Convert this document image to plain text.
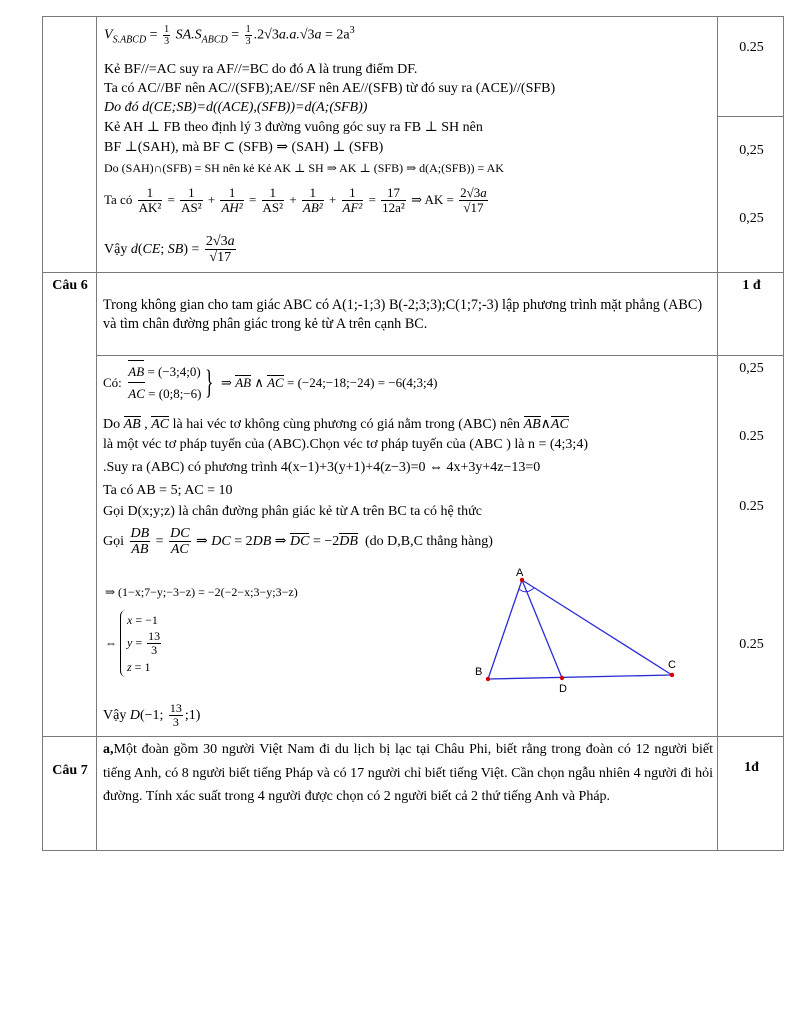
$V_{S.ABCD} = \frac{1}{3} SA.S_{ABCD} = \frac{1}{3} .2√3a.a.√3a = 2a^3$
Kẻ BF//=AC suy ra AF//=BC do đó A là trung điểm DF.
Ta có AC//BF nên AC//(SFB);AE//SF nên AE//(SFB) từ đó suy ra (ACE)//(SFB)
Do đó d(CE;SB)=d((ACE),(SFB))=d(A;(SFB))
Kẻ AH ⊥ FB theo định lý 3 đường vuông góc suy ra FB ⊥ SH nên
BF ⊥(SAH), mà BF ⊂ (SFB) ⇒ (SAH) ⊥ (SFB)
Do (SAH)∩(SFB) = SH nên kẻ Kẻ AK ⊥ SH ⇒ AK ⊥ (SFB) ⇒ d(A;(SFB)) = AK
Ta có $\frac{1}{\text{AK²}} = \frac{1}{\text{AS²}} + \frac{1}{\text{AH²}} = \frac{1}{\text{AS²}} + \frac{1}{\text{AB²}} + \frac{1}{\text{AF²}} = \frac{17}{\text{12a²}}$ ⇒ AK = $\frac{2√3a}{√17}$
Vậy d(CE; $SB) = \frac{2√3a}{√17}$
0.25
0,25
0,25
Câu 6	1 đ
Trong không gian cho tam giác ABC có A(1;-1;3) B(-2;3;3);C(1;7;-3) lập phương trình mặt phẳng (ABC) và tìm chân đường phân giác trong kẻ từ A trên cạnh BC.
Có:
AB = (−3;4;0)
AC = (0;8;−6) } ⇒ AB ∧ AC = (−24;−18;−24) = −6(4;3;4)
Do AB , AC là hai véc tơ không cùng phương có giá nằm trong (ABC) nên AB∧AC
là một véc tơ pháp tuyến của (ABC).Chọn véc tơ pháp tuyến của (ABC ) là n = (4;3;4)
.Suy ra (ABC) có phương trình 4(x−1)+3(y+1)+4(z−3)=0 ⇔ 4x+3y+4z−13=0
Ta có AB = 5; AC = 10
Gọi D(x;y;z) là chân đường phân giác kẻ từ A trên BC ta có hệ thức
Gọi $\frac{DB}{AB} = \frac{DC}{AC}$ ⇒ DC = 2DB ⇒ DC = −2DB  (do D,B,C thẳng hàng)
⇒ (1−x;7−y;−3−z) = −2(−2−x;3−y;3−z)
⇔
x = −1
$y = \frac{13}{3}$
z = 1
Vậy D(−1; $\frac{13}{3}$ ;1)
0,25
0.25
0.25
0.25
A
B
C
D
Câu 7	1đ
a,Một đoàn gồm 30 người Việt Nam đi du lịch bị lạc tại Châu Phi, biết rằng trong đoàn có 12 người biết tiếng Anh, có 8 người biết tiếng Pháp và có 17 người chỉ biết tiếng Việt. Cần chọn ngẫu nhiên 4 người đi hỏi đường. Tính xác suất trong 4 người được chọn có 2 người biết cả 2 thứ tiếng Anh và Pháp.
